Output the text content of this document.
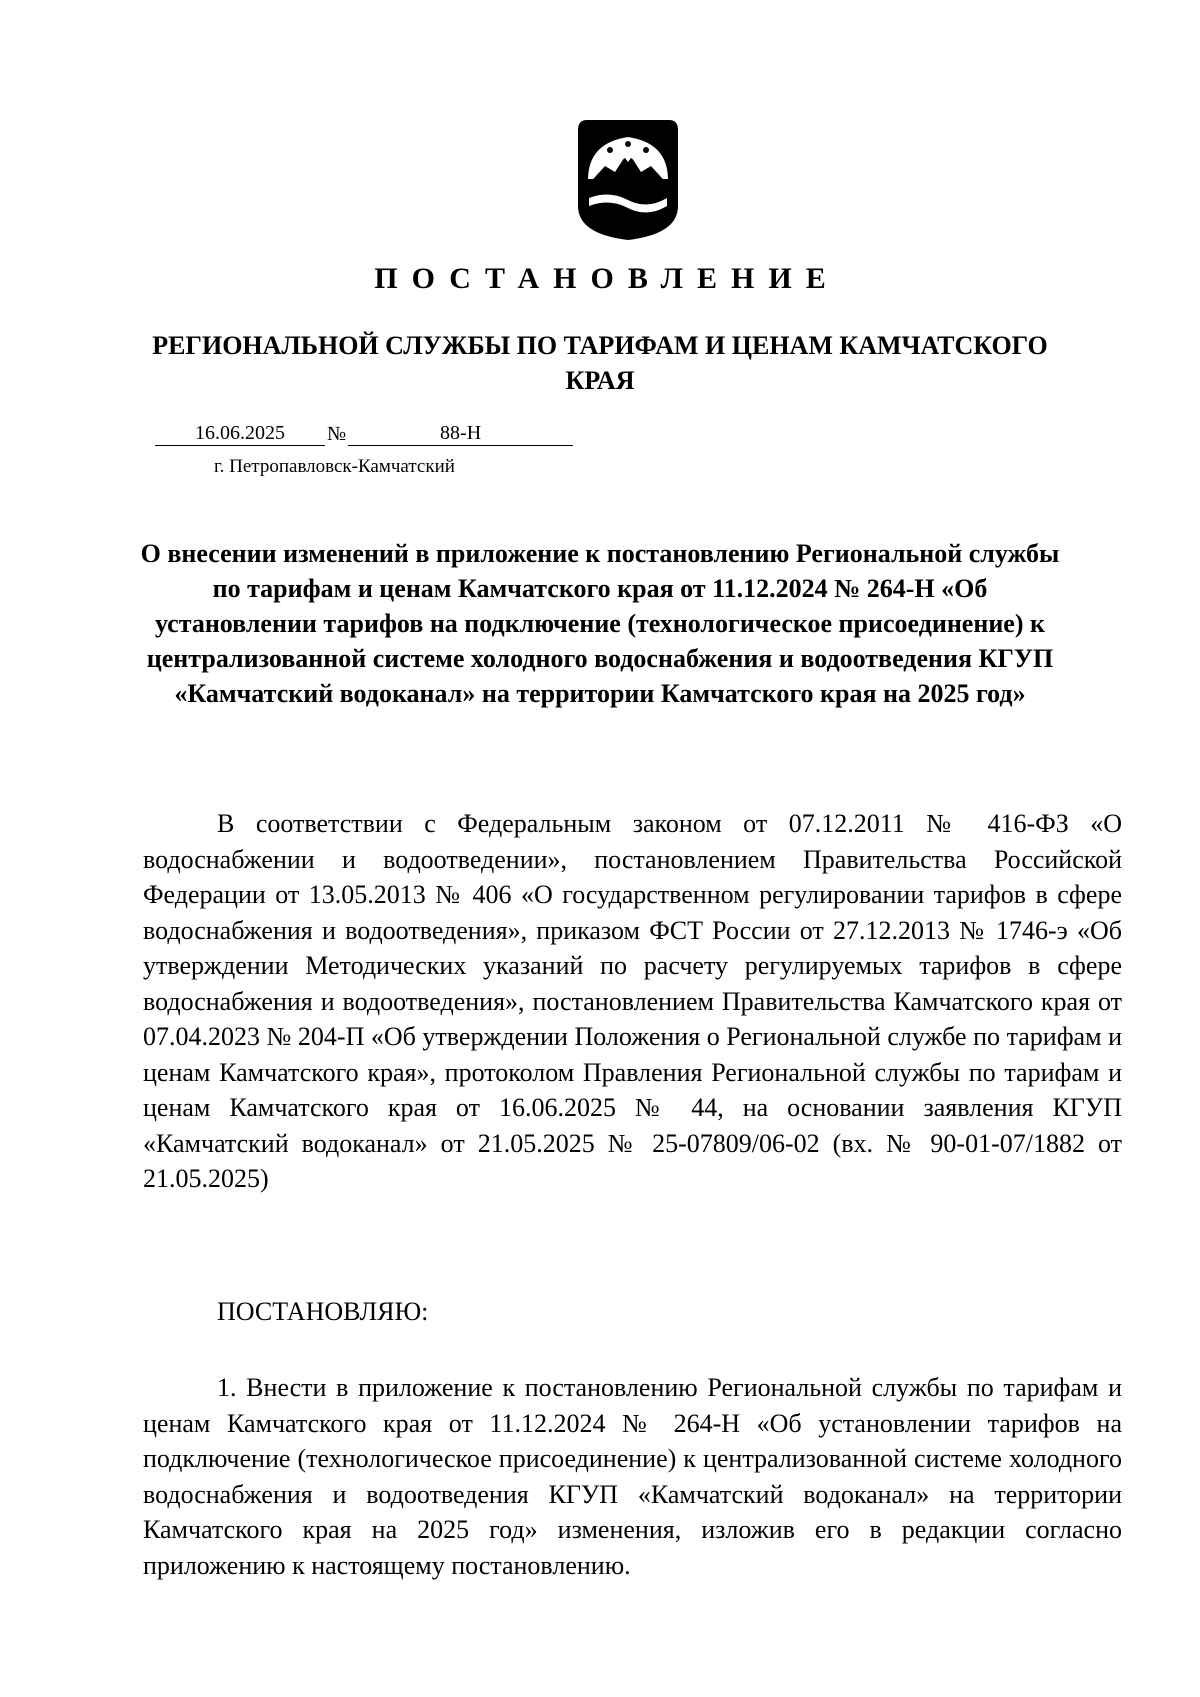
ПОСТАНОВЛЕНИЕ
РЕГИОНАЛЬНОЙ СЛУЖБЫ ПО ТАРИФАМ И ЦЕНАМ КАМЧАТСКОГО КРАЯ
16.06.2025	№	88-Н
г. Петропавловск-Камчатский
О внесении изменений в приложение к постановлению Региональной службы по тарифам и ценам Камчатского края от 11.12.2024 № 264-Н «Об установлении тарифов на подключение (технологическое присоединение) к централизованной системе холодного водоснабжения и водоотведения КГУП «Камчатский водоканал» на территории Камчатского края на 2025 год»

В соответствии с Федеральным законом от 07.12.2011 № 416-ФЗ «О водоснабжении и водоотведении», постановлением Правительства Российской Федерации от 13.05.2013 № 406 «О государственном регулировании тарифов в сфере водоснабжения и водоотведения», приказом ФСТ России от 27.12.2013 № 1746-э «Об утверждении Методических указаний по расчету регулируемых тарифов в сфере водоснабжения и водоотведения», постановлением Правительства Камчатского края от 07.04.2023 № 204-П «Об утверждении Положения о Региональной службе по тарифам и ценам Камчатского края», протоколом Правления Региональной службы по тарифам и ценам Камчатского края от 16.06.2025 № 44, на основании заявления КГУП «Камчатский водоканал» от 21.05.2025 № 25-07809/06-02 (вх. № 90-01-07/1882 от 21.05.2025)

ПОСТАНОВЛЯЮ:

1. Внести в приложение к постановлению Региональной службы по тарифам и ценам Камчатского края от 11.12.2024 № 264-Н «Об установлении тарифов на подключение (технологическое присоединение) к централизованной системе холодного водоснабжения и водоотведения КГУП «Камчатский водоканал» на территории Камчатского края на 2025 год» изменения, изложив его в редакции согласно приложению к настоящему постановлению.
